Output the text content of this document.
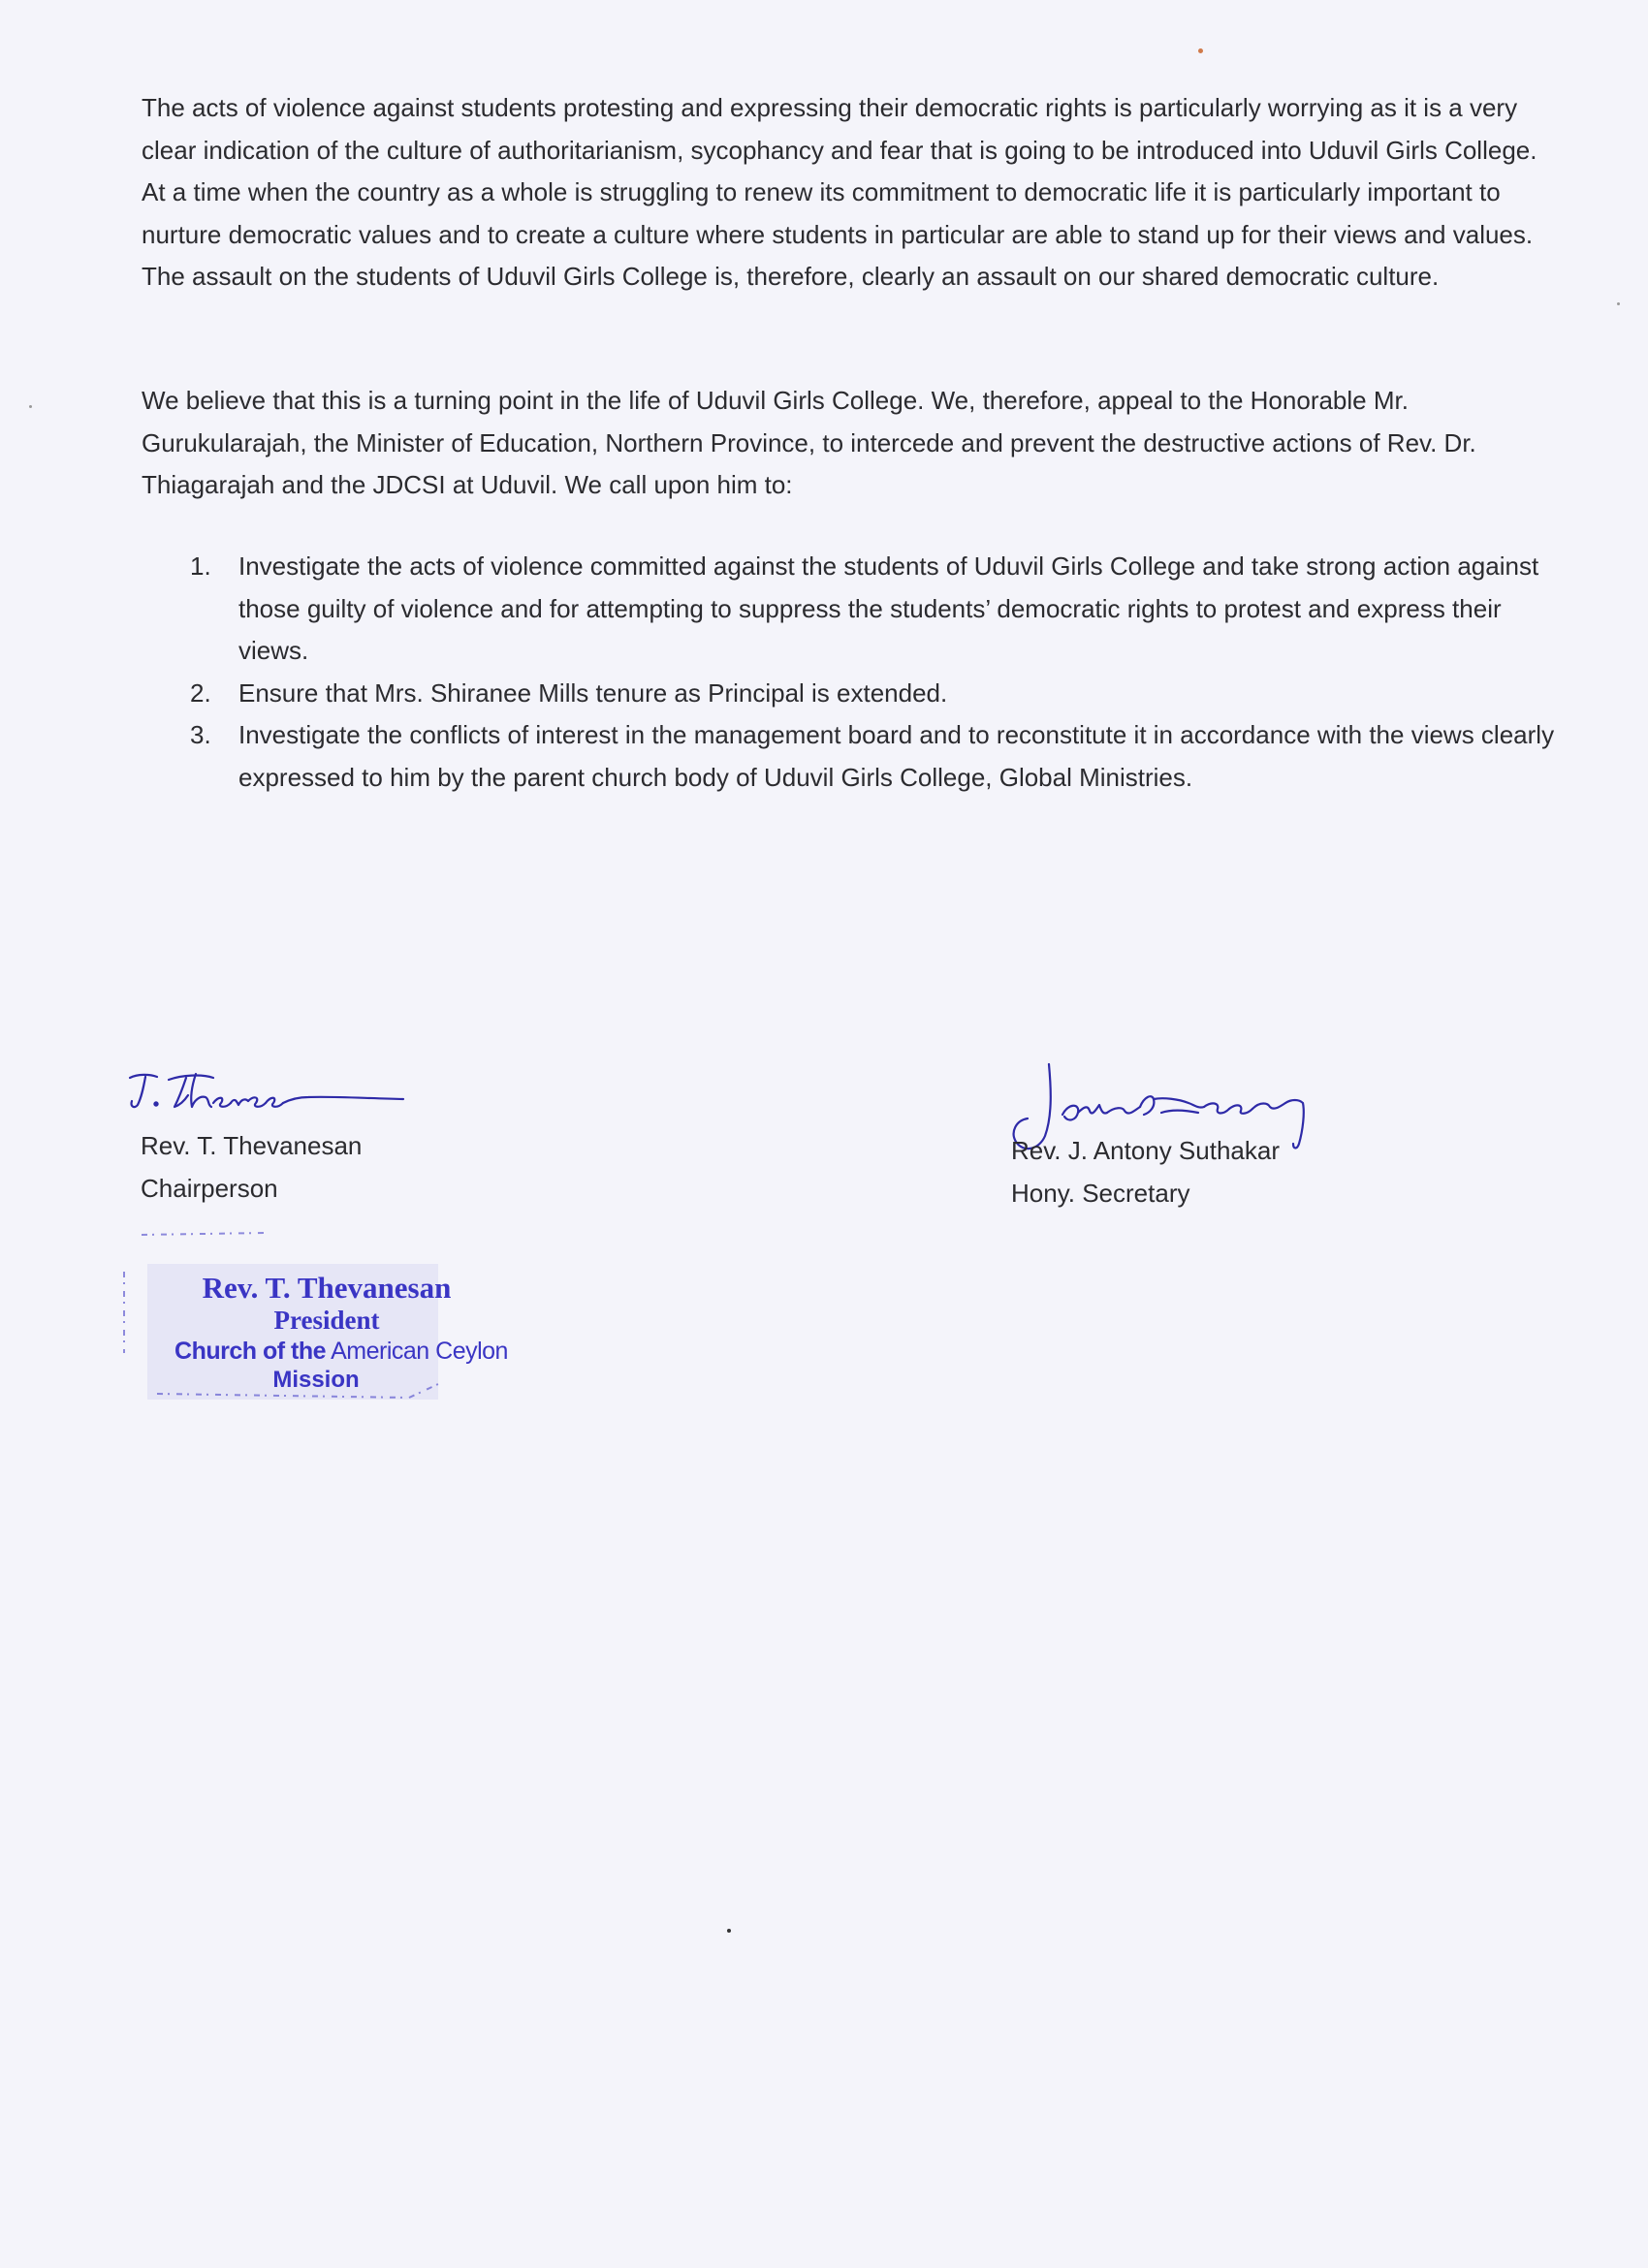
The acts of violence against students protesting and expressing their democratic rights is particularly worrying as it is a very clear indication of the culture of authoritarianism, sycophancy and fear that is going to be introduced into Uduvil Girls College. At a time when the country as a whole is struggling to renew its commitment to democratic life it is particularly important to nurture democratic values and to create a culture where students in particular are able to stand up for their views and values. The assault on the students of Uduvil Girls College is, therefore, clearly an assault on our shared democratic culture.

We believe that this is a turning point in the life of Uduvil Girls College. We, therefore, appeal to the Honorable Mr. Gurukularajah, the Minister of Education, Northern Province, to intercede and prevent the destructive actions of Rev. Dr. Thiagarajah and the JDCSI at Uduvil. We call upon him to:

1. Investigate the acts of violence committed against the students of Uduvil Girls College and take strong action against those guilty of violence and for attempting to suppress the students’ democratic rights to protest and express their views.
2. Ensure that Mrs. Shiranee Mills tenure as Principal is extended.
3. Investigate the conflicts of interest in the management board and to reconstitute it in accordance with the views clearly expressed to him by the parent church body of Uduvil Girls College, Global Ministries.
Rev. T. Thevanesan
Chairperson
Rev. J. Antony Suthakar
Hony. Secretary
Rev. T. Thevanesan
President
Church of the American Ceylon
Mission
